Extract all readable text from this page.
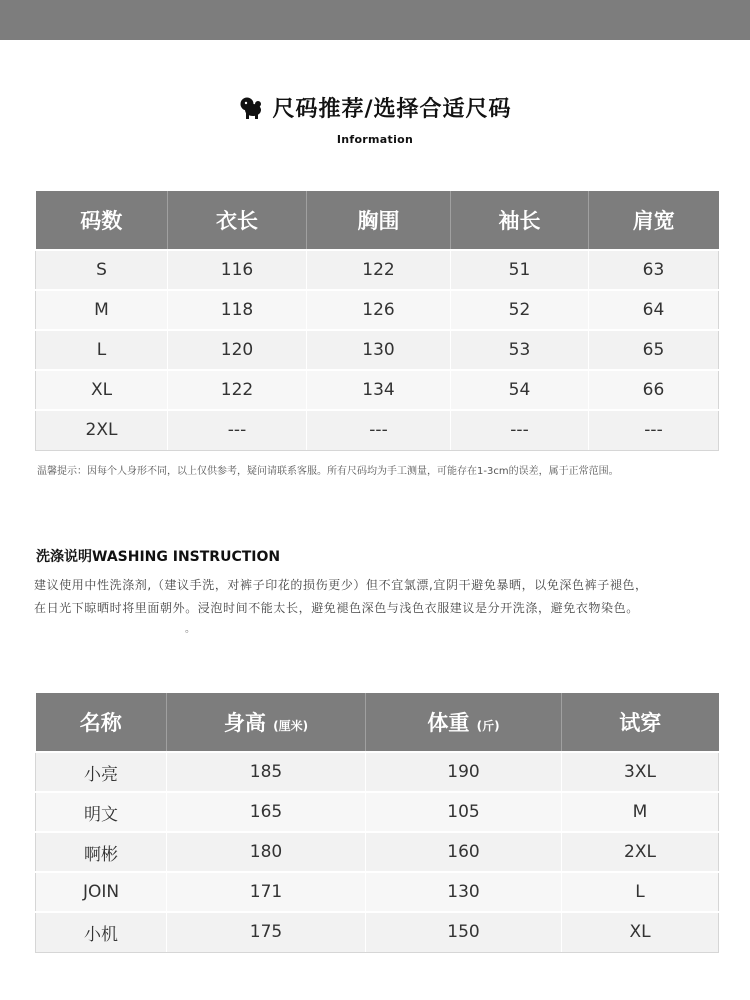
尺码推荐/选择合适尺码
Information
码数	衣长	胸围	袖长	肩宽
S	116	122	51	63
M	118	126	52	64
L	120	130	53	65
XL	122	134	54	66
2XL	---	---	---	---
温馨提示：因每个人身形不同，以上仅供参考，疑问请联系客服。所有尺码均为手工测量，可能存在1-3cm的误差，属于正常范围。
洗涤说明WASHING INSTRUCTION
建议使用中性洗涤剂,（建议手洗，对裤子印花的损伤更少）但不宜氯漂,宜阴干避免暴晒，以免深色裤子褪色，
在日光下晾晒时将里面朝外。浸泡时间不能太长，避免褪色深色与浅色衣服建议是分开洗涤，避免衣物染色。
。
名称	身高 (厘米)	体重 (斤)	试穿
小亮	185	190	3XL
明文	165	105	M
啊彬	180	160	2XL
JOIN	171	130	L
小机	175	150	XL
